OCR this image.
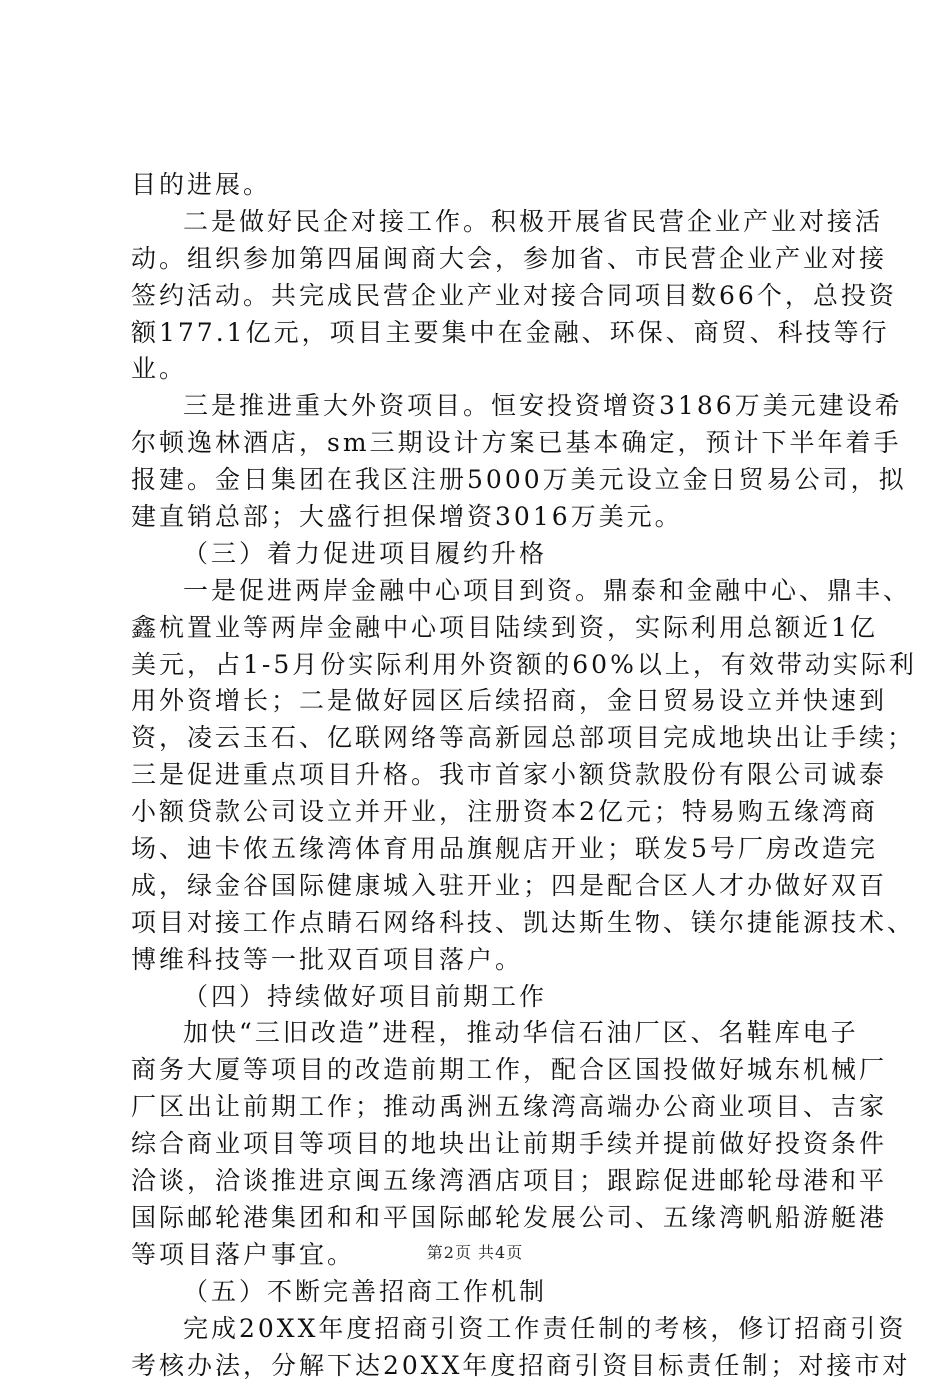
目的进展。
二是做好民企对接工作。积极开展省民营企业产业对接活
动。组织参加第四届闽商大会，参加省、市民营企业产业对接
签约活动。共完成民营企业产业对接合同项目数66个，总投资
额177.1亿元，项目主要集中在金融、环保、商贸、科技等行
业。
三是推进重大外资项目。恒安投资增资3186万美元建设希
尔顿逸林酒店，sm三期设计方案已基本确定，预计下半年着手
报建。金日集团在我区注册5000万美元设立金日贸易公司，拟
建直销总部；大盛行担保增资3016万美元。
（三）着力促进项目履约升格
一是促进两岸金融中心项目到资。鼎泰和金融中心、鼎丰、
鑫杭置业等两岸金融中心项目陆续到资，实际利用总额近1亿
美元，占1-5月份实际利用外资额的60%以上，有效带动实际利
用外资增长；二是做好园区后续招商，金日贸易设立并快速到
资，凌云玉石、亿联网络等高新园总部项目完成地块出让手续；
三是促进重点项目升格。我市首家小额贷款股份有限公司诚泰
小额贷款公司设立并开业，注册资本2亿元；特易购五缘湾商
场、迪卡侬五缘湾体育用品旗舰店开业；联发5号厂房改造完
成，绿金谷国际健康城入驻开业；四是配合区人才办做好双百
项目对接工作点睛石网络科技、凯达斯生物、镁尔捷能源技术、
博维科技等一批双百项目落户。
（四）持续做好项目前期工作
加快“三旧改造”进程，推动华信石油厂区、名鞋库电子
商务大厦等项目的改造前期工作，配合区国投做好城东机械厂
厂区出让前期工作；推动禹洲五缘湾高端办公商业项目、吉家
综合商业项目等项目的地块出让前期手续并提前做好投资条件
洽谈，洽谈推进京闽五缘湾酒店项目；跟踪促进邮轮母港和平
国际邮轮港集团和和平国际邮轮发展公司、五缘湾帆船游艇港
等项目落户事宜。
（五）不断完善招商工作机制
完成20XX年度招商引资工作责任制的考核，修订招商引资
考核办法，分解下达20XX年度招商引资目标责任制；对接市对
第2页 共4页
